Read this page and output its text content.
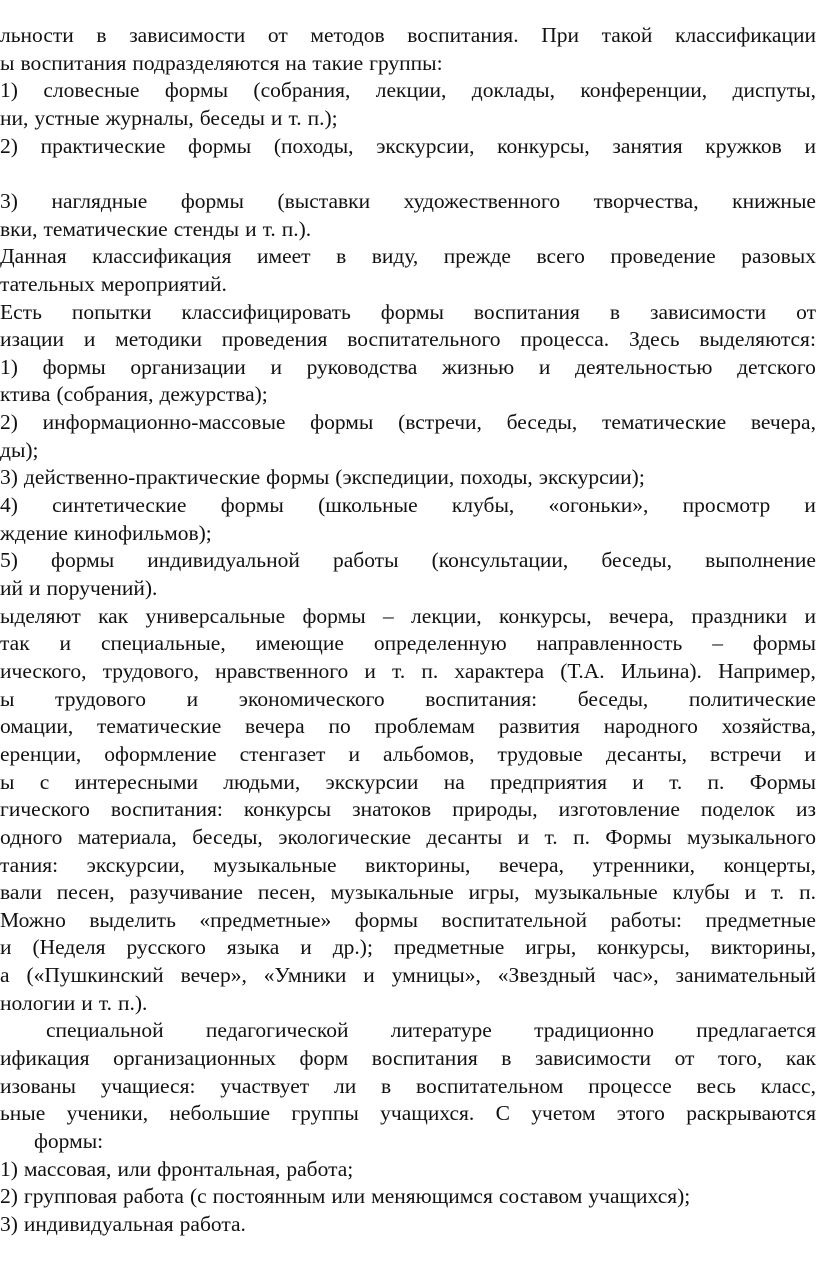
льности в зависимости от методов воспитания. При такой классификации
ы воспитания подразделяются на такие группы:
1) словесные формы (собрания, лекции, доклады, конференции, диспуты,
ни, устные журналы, беседы и т. п.);
2) практические формы (походы, экскурсии, конкурсы, занятия кружков и
3) наглядные формы (выставки художественного творчества, книжные
вки, тематические стенды и т. п.).
Данная классификация имеет в виду, прежде всего проведение разовых
тательных мероприятий.
Есть попытки классифицировать формы воспитания в зависимости от
изации и методики проведения воспитательного процесса. Здесь выделяются:
1) формы организации и руководства жизнью и деятельностью детского
ктива (собрания, дежурства);
2) информационно-массовые формы (встречи, беседы, тематические вечера,
ды);
3) действенно-практические формы (экспедиции, походы, экскурсии);
4) синтетические формы (школьные клубы, «огоньки», просмотр и
ждение кинофильмов);
5) формы индивидуальной работы (консультации, беседы, выполнение
ий и поручений).
ыделяют как универсальные формы – лекции, конкурсы, вечера, праздники и
так и специальные, имеющие определенную направленность – формы
ического, трудового, нравственного и т. п. характера (Т.А. Ильина). Например,
ы трудового и экономического воспитания: беседы, политические
омации, тематические вечера по проблемам развития народного хозяйства,
еренции, оформление стенгазет и альбомов, трудовые десанты, встречи и
ы с интересными людьми, экскурсии на предприятия и т. п. Формы
гического воспитания: конкурсы знатоков природы, изготовление поделок из
одного материала, беседы, экологические десанты и т. п. Формы музыкального
тания: экскурсии, музыкальные викторины, вечера, утренники, концерты,
вали песен, разучивание песен, музыкальные игры, музыкальные клубы и т. п.
Можно выделить «предметные» формы воспитательной работы: предметные
и (Неделя русского языка и др.); предметные игры, конкурсы, викторины,
а («Пушкинский вечер», «Умники и умницы», «Звездный час», занимательный
нологии и т. п.).
специальной педагогической литературе традиционно предлагается
ификация организационных форм воспитания в зависимости от того, как
изованы учащиеся: участвует ли в воспитательном процессе весь класс,
ьные ученики, небольшие группы учащихся. С учетом этого раскрываются
формы:
1) массовая, или фронтальная, работа;
2) групповая работа (с постоянным или меняющимся составом учащихся);
3) индивидуальная работа.
